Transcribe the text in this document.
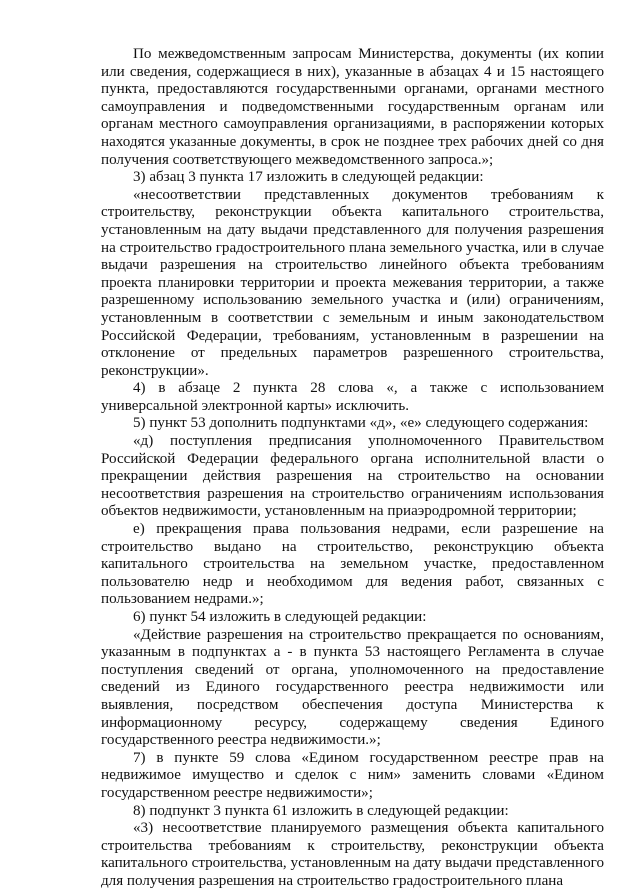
По межведомственным запросам Министерства, документы (их копии или сведения, содержащиеся в них), указанные в абзацах 4 и 15 настоящего пункта, предоставляются государственными органами, органами местного самоуправления и подведомственными государственным органам или органам местного самоуправления организациями, в распоряжении которых находятся указанные документы, в срок не позднее трех рабочих дней со дня получения соответствующего межведомственного запроса.»;

3) абзац 3 пункта 17 изложить в следующей редакции:

«несоответствии представленных документов требованиям к строительству, реконструкции объекта капитального строительства, установленным на дату выдачи представленного для получения разрешения на строительство градостроительного плана земельного участка, или в случае выдачи разрешения на строительство линейного объекта требованиям проекта планировки территории и проекта межевания территории, а также разрешенному использованию земельного участка и (или) ограничениям, установленным в соответствии с земельным и иным законодательством Российской Федерации, требованиям, установленным в разрешении на отклонение от предельных параметров разрешенного строительства, реконструкции».

4) в абзаце 2 пункта 28 слова «, а также с использованием универсальной электронной карты» исключить.

5) пункт 53 дополнить подпунктами «д», «е» следующего содержания:

«д) поступления предписания уполномоченного Правительством Российской Федерации федерального органа исполнительной власти о прекращении действия разрешения на строительство на основании несоответствия разрешения на строительство ограничениям использования объектов недвижимости, установленным на приаэродромной территории;

е) прекращения права пользования недрами, если разрешение на строительство выдано на строительство, реконструкцию объекта капитального строительства на земельном участке, предоставленном пользователю недр и необходимом для ведения работ, связанных с пользованием недрами.»;

6) пункт 54 изложить в следующей редакции:

«Действие разрешения на строительство прекращается по основаниям, указанным в подпунктах а - в пункта 53 настоящего Регламента в случае поступления сведений от органа, уполномоченного на предоставление сведений из Единого государственного реестра недвижимости или выявления, посредством обеспечения доступа Министерства к информационному ресурсу, содержащему сведения Единого государственного реестра недвижимости.»;

7) в пункте 59 слова «Едином государственном реестре прав на недвижимое имущество и сделок с ним» заменить словами «Едином государственном реестре недвижимости»;

8) подпункт 3 пункта 61 изложить в следующей редакции:

«3) несоответствие планируемого размещения объекта капитального строительства требованиям к строительству, реконструкции объекта капитального строительства, установленным на дату выдачи представленного для получения разрешения на строительство градостроительного плана
